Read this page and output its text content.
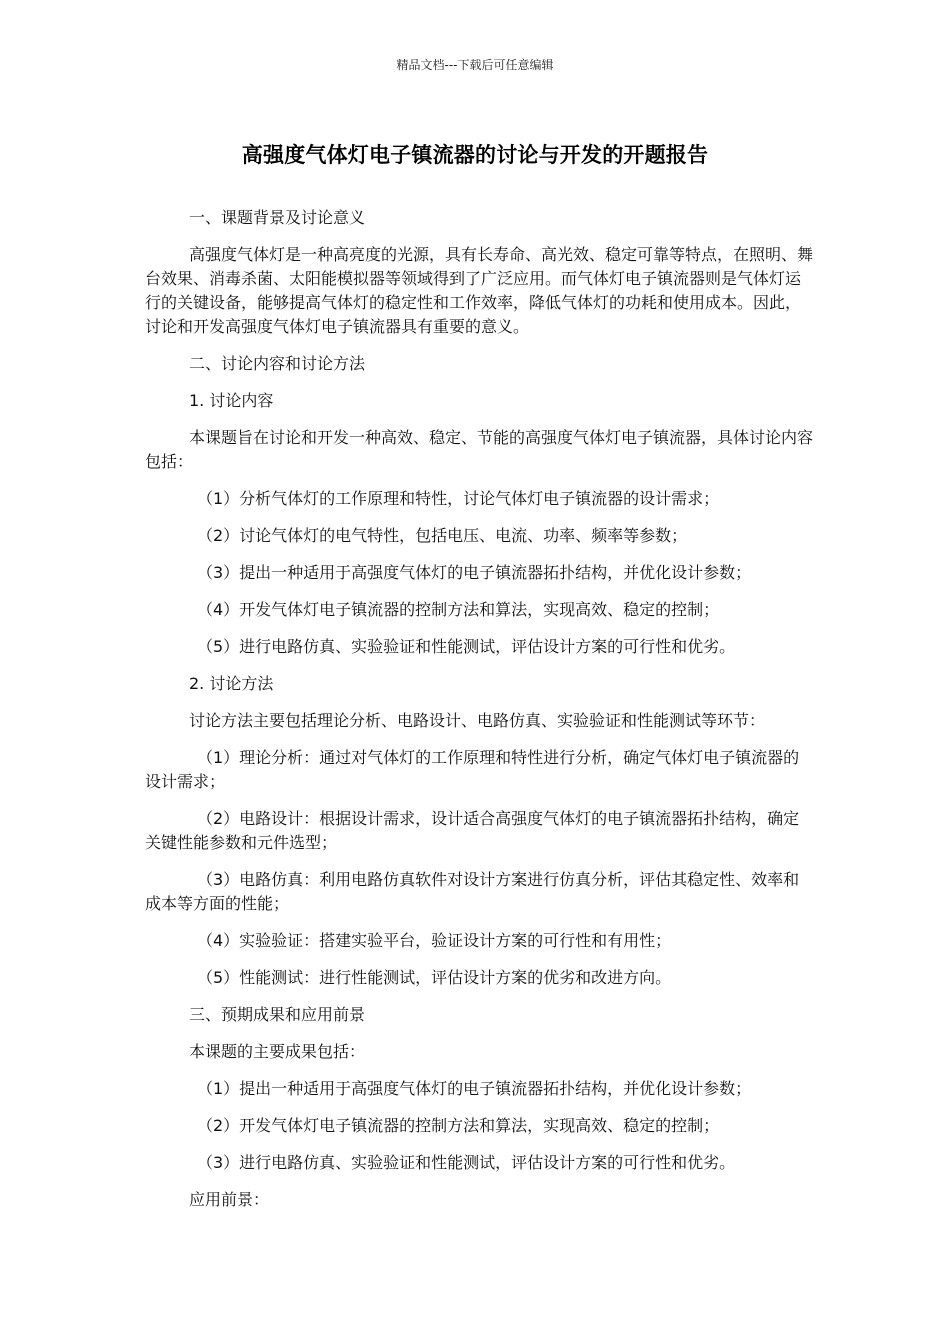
精品文档---下载后可任意编辑
高强度气体灯电子镇流器的讨论与开发的开题报告

一、课题背景及讨论意义

高强度气体灯是一种高亮度的光源，具有长寿命、高光效、稳定可靠等特点，在照明、舞台效果、消毒杀菌、太阳能模拟器等领域得到了广泛应用。而气体灯电子镇流器则是气体灯运行的关键设备，能够提高气体灯的稳定性和工作效率，降低气体灯的功耗和使用成本。因此，讨论和开发高强度气体灯电子镇流器具有重要的意义。

二、讨论内容和讨论方法

1. 讨论内容

本课题旨在讨论和开发一种高效、稳定、节能的高强度气体灯电子镇流器，具体讨论内容包括：

（1）分析气体灯的工作原理和特性，讨论气体灯电子镇流器的设计需求；

（2）讨论气体灯的电气特性，包括电压、电流、功率、频率等参数；

（3）提出一种适用于高强度气体灯的电子镇流器拓扑结构，并优化设计参数；

（4）开发气体灯电子镇流器的控制方法和算法，实现高效、稳定的控制；

（5）进行电路仿真、实验验证和性能测试，评估设计方案的可行性和优劣。

2. 讨论方法

讨论方法主要包括理论分析、电路设计、电路仿真、实验验证和性能测试等环节：

（1）理论分析：通过对气体灯的工作原理和特性进行分析，确定气体灯电子镇流器的设计需求；

（2）电路设计：根据设计需求，设计适合高强度气体灯的电子镇流器拓扑结构，确定关键性能参数和元件选型；

（3）电路仿真：利用电路仿真软件对设计方案进行仿真分析，评估其稳定性、效率和成本等方面的性能；

（4）实验验证：搭建实验平台，验证设计方案的可行性和有用性；

（5）性能测试：进行性能测试，评估设计方案的优劣和改进方向。

三、预期成果和应用前景

本课题的主要成果包括：

（1）提出一种适用于高强度气体灯的电子镇流器拓扑结构，并优化设计参数；

（2）开发气体灯电子镇流器的控制方法和算法，实现高效、稳定的控制；

（3）进行电路仿真、实验验证和性能测试，评估设计方案的可行性和优劣。

应用前景：
